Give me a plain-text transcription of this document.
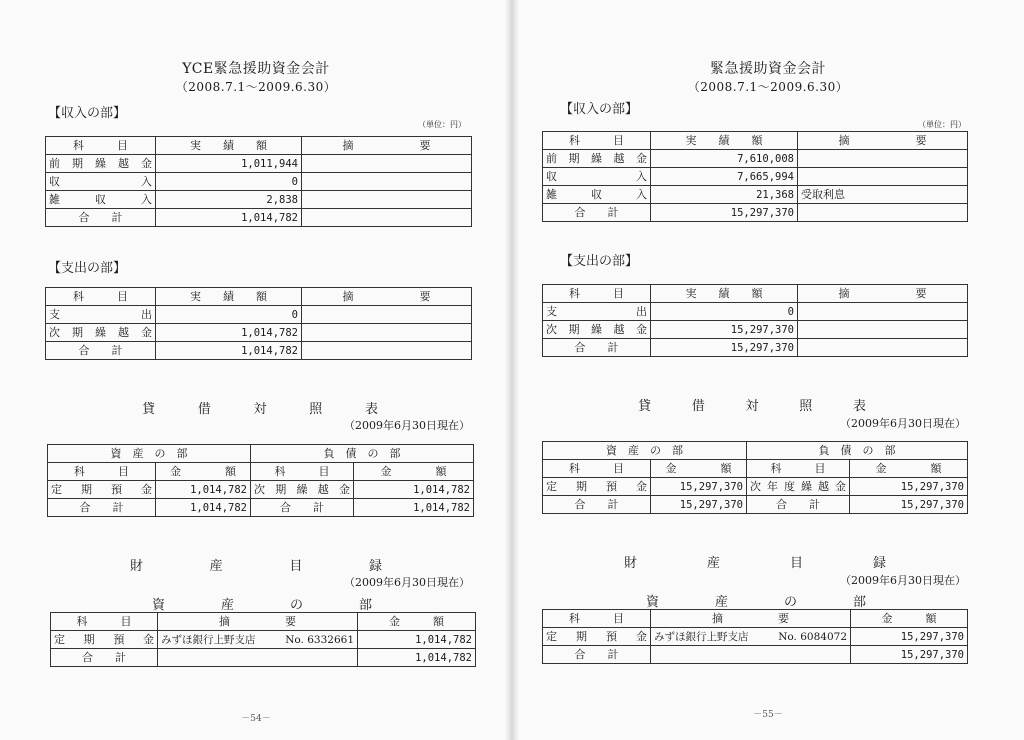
YCE緊急援助資金会計
（2008.7.1～2009.6.30）
【収入の部】
（単位：円）
科　　　目	実　　績　　額	摘　　　　　　要
前期繰越金	1,011,944	
収入	0	
雑収入	2,838	
合　　計	1,014,782	
【支出の部】
科　　　目	実　　績　　額	摘　　　　　　要
支出	0	
次期繰越金	1,014,782	
合　　計	1,014,782	
貸	借	対	照	表
（2009年6月30日現在）
資　産　の　部		負　債　の　部	
科　　　目	金　　　　額	科　　　目	金　　　　額
定期預金	1,014,782	次期繰越金	1,014,782
合　　計	1,014,782	合　　計	1,014,782
財	産	目	録
（2009年6月30日現在）
資	産	の	部
科　　　目	摘　　　　　要		金　　　額
定期預金	みずほ銀行上野支店	No. 6332661	1,014,782
合　　計			1,014,782
－54－
緊急援助資金会計
（2008.7.1～2009.6.30）
【収入の部】
（単位：円）
科　　　目	実　　績　　額	摘　　　　　　要
前期繰越金	7,610,008	
収入	7,665,994	
雑収入	21,368	受取利息
合　　計	15,297,370	
【支出の部】
科　　　目	実　　績　　額	摘　　　　　　要
支出	0	
次期繰越金	15,297,370	
合　　計	15,297,370	
貸	借	対	照	表
（2009年6月30日現在）
資　産　の　部		負　債　の　部	
科　　　目	金　　　　額	科　　　目	金　　　　額
定期預金	15,297,370	次年度繰越金	15,297,370
合　　計	15,297,370	合　　計	15,297,370
財	産	目	録
（2009年6月30日現在）
資	産	の	部
科　　　目	摘　　　　　要		金　　　額
定期預金	みずほ銀行上野支店	No. 6084072	15,297,370
合　　計			15,297,370
－55－
